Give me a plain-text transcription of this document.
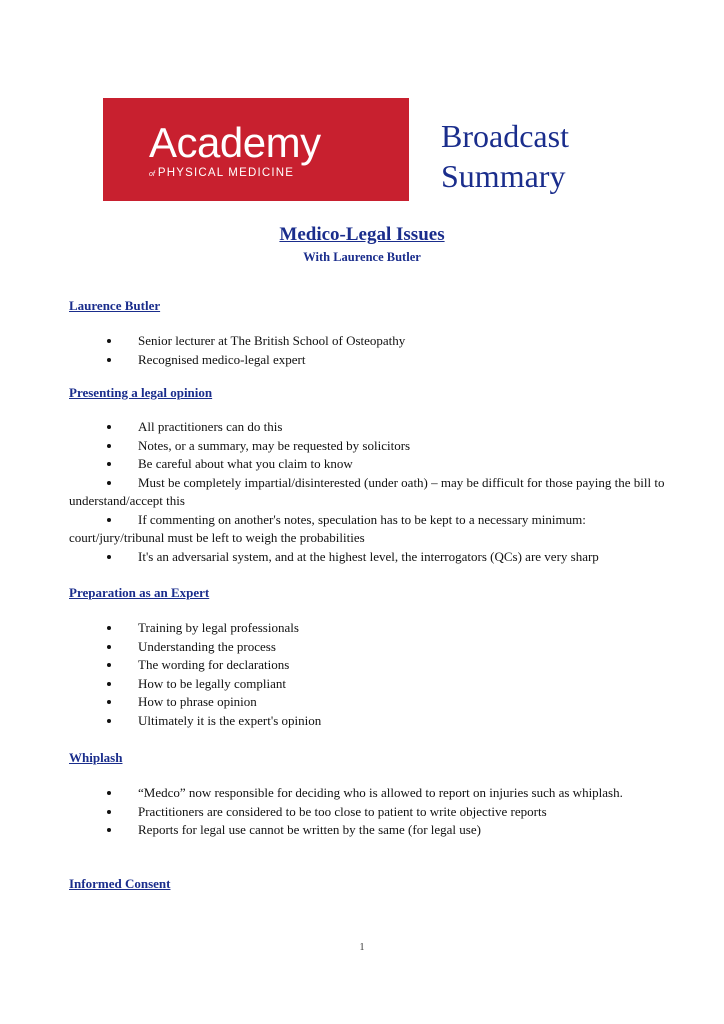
Academy
of PHYSICAL MEDICINE
Broadcast
Summary
Medico-Legal Issues
With Laurence Butler
Laurence Butler
Senior lecturer at The British School of Osteopathy
Recognised medico-legal expert
Presenting a legal opinion
All practitioners can do this
Notes, or a summary, may be requested by solicitors
Be careful about what you claim to know
Must be completely impartial/disinterested (under oath) – may be difficult for those paying the bill to understand/accept this
If commenting on another's notes, speculation has to be kept to a necessary minimum: court/jury/tribunal must be left to weigh the probabilities
It's an adversarial system, and at the highest level, the interrogators (QCs) are very sharp
Preparation as an Expert
Training by legal professionals
Understanding the process
The wording for declarations
How to be legally compliant
How to phrase opinion
Ultimately it is the expert's opinion
Whiplash
“Medco” now responsible for deciding who is allowed to report on injuries such as whiplash.
Practitioners are considered to be too close to patient to write objective reports
Reports for legal use cannot be written by the same (for legal use)
Informed Consent
1
